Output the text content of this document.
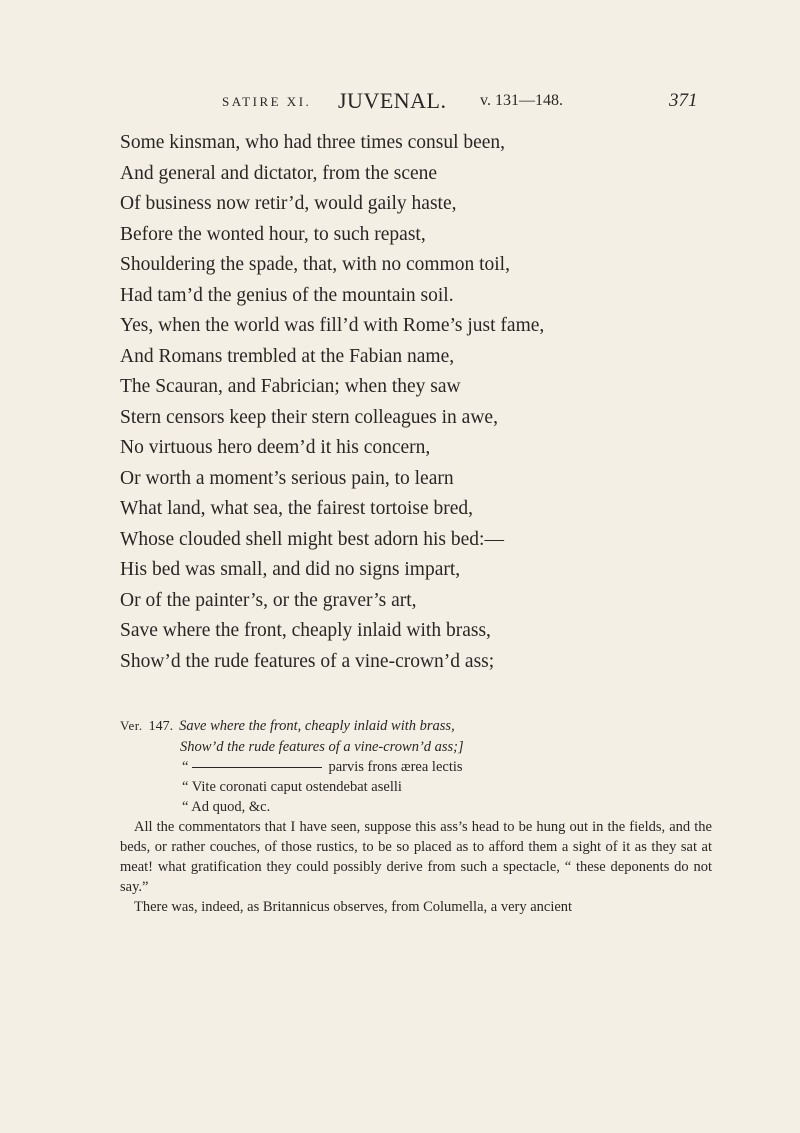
SATIRE XI. JUVENAL. v. 131—148.	371
Some kinsman, who had three times consul been,
And general and dictator, from the scene
Of business now retir’d, would gaily haste,
Before the wonted hour, to such repast,
Shouldering the spade, that, with no common toil,
Had tam’d the genius of the mountain soil.
Yes, when the world was fill’d with Rome’s just fame,
And Romans trembled at the Fabian name,
The Scauran, and Fabrician; when they saw
Stern censors keep their stern colleagues in awe,
No virtuous hero deem’d it his concern,
Or worth a moment’s serious pain, to learn
What land, what sea, the fairest tortoise bred,
Whose clouded shell might best adorn his bed:—
His bed was small, and did no signs impart,
Or of the painter’s, or the graver’s art,
Save where the front, cheaply inlaid with brass,
Show’d the rude features of a vine-crown’d ass;
Ver. 147. Save where the front, cheaply inlaid with brass,
Show’d the rude features of a vine-crown’d ass;]
“	parvis frons ærea lectis
“ Vite coronati caput ostendebat aselli
“ Ad quod, &c.
All the commentators that I have seen, suppose this ass’s head to be hung out in the fields, and the beds, or rather couches, of those rustics, to be so placed as to afford them a sight of it as they sat at meat! what gratification they could possibly derive from such a spectacle, “ these deponents do not say.”
There was, indeed, as Britannicus observes, from Columella, a very ancient
